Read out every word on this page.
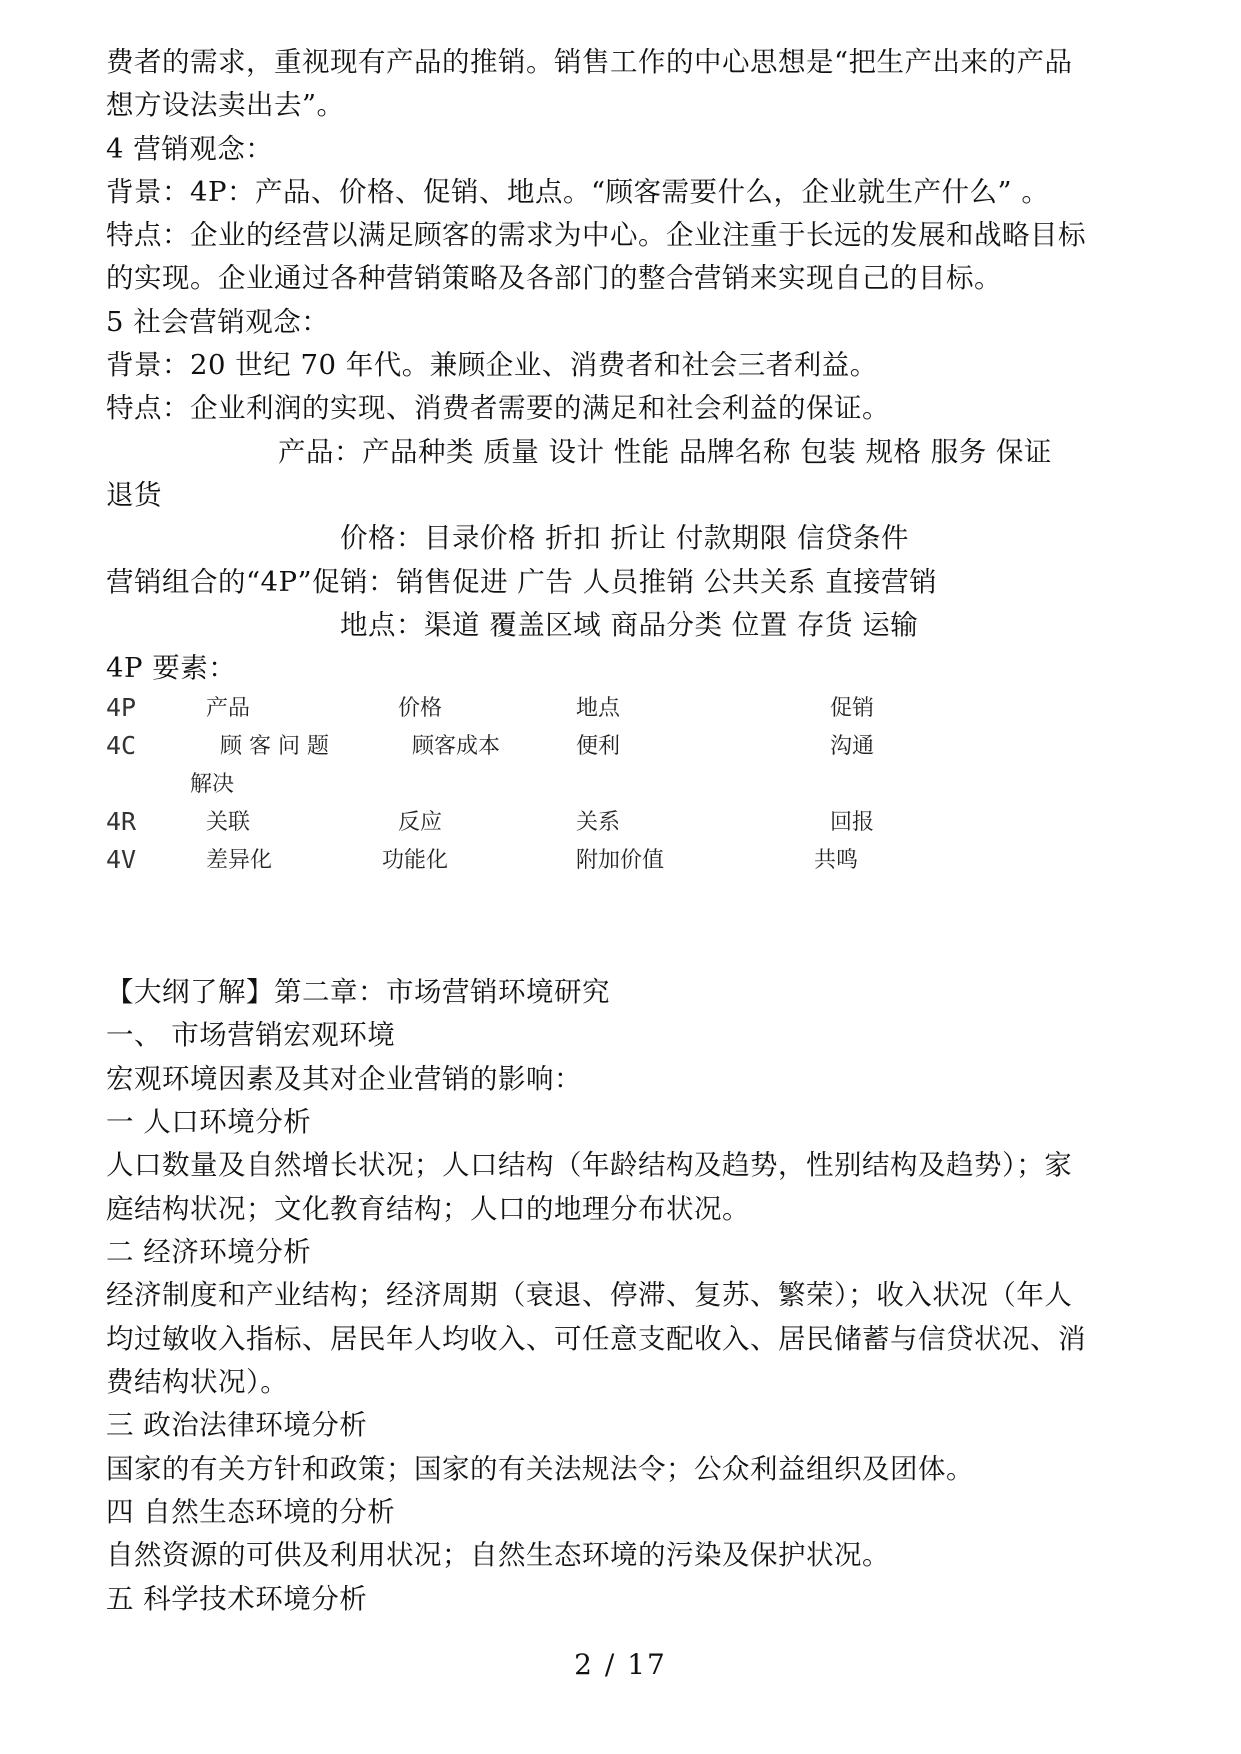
费者的需求，重视现有产品的推销。销售工作的中心思想是“把生产出来的产品
想方设法卖出去”。
4 营销观念：
背景：4P：产品、价格、促销、地点。“顾客需要什么，企业就生产什么” 。
特点：企业的经营以满足顾客的需求为中心。企业注重于长远的发展和战略目标
的实现。企业通过各种营销策略及各部门的整合营销来实现自己的目标。
5 社会营销观念：
背景：20 世纪 70 年代。兼顾企业、消费者和社会三者利益。
特点：企业利润的实现、消费者需要的满足和社会利益的保证。
产品：产品种类 质量 设计 性能 品牌名称 包装 规格 服务 保证
退货
价格：目录价格 折扣 折让 付款期限 信贷条件
营销组合的“4P”促销：销售促进 广告 人员推销 公共关系 直接营销
地点：渠道 覆盖区域 商品分类 位置 存货 运输
4P 要素：
4P	产品	价格	地点	促销
4C	顾 客 问 题	顾客成本	便利	沟通
解决
4R	关联	反应	关系	回报
4V	差异化	功能化	附加价值	共鸣
【大纲了解】第二章：市场营销环境研究
一、 市场营销宏观环境
宏观环境因素及其对企业营销的影响：
一 人口环境分析
人口数量及自然增长状况；人口结构（年龄结构及趋势，性别结构及趋势）；家
庭结构状况；文化教育结构；人口的地理分布状况。
二 经济环境分析
经济制度和产业结构；经济周期（衰退、停滞、复苏、繁荣）；收入状况（年人
均过敏收入指标、居民年人均收入、可任意支配收入、居民储蓄与信贷状况、消
费结构状况）。
三 政治法律环境分析
国家的有关方针和政策；国家的有关法规法令；公众利益组织及团体。
四 自然生态环境的分析
自然资源的可供及利用状况；自然生态环境的污染及保护状况。
五 科学技术环境分析
2 / 17
